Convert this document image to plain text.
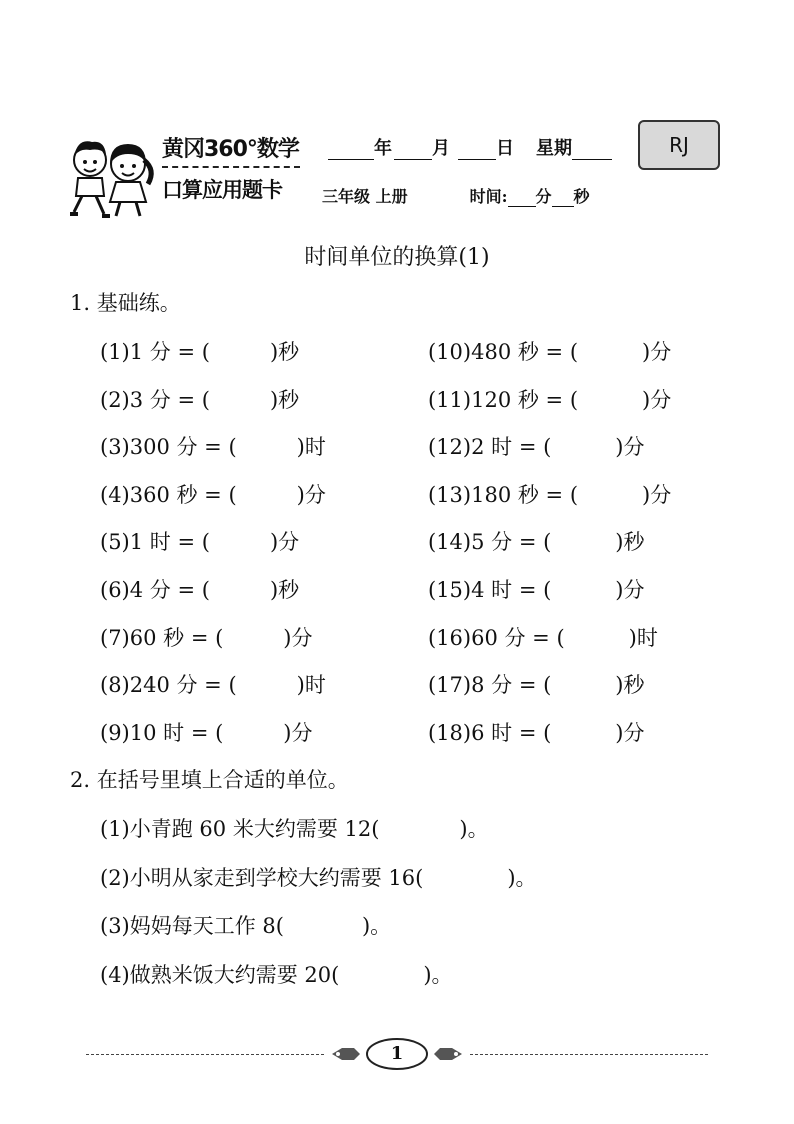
黄冈360°数学
口算应用题卡
年 月	日 星期	RJ
三年级 上册	时间: 分 秒
时间单位的换算(1)
1. 基础练。
(1)1 分 = (	)秒
(2)3 分 = (	)秒
(3)300 分 = (	)时
(4)360 秒 = (	)分
(5)1 时 = (	)分
(6)4 分 = (	)秒
(7)60 秒 = (	)分
(8)240 分 = (	)时
(9)10 时 = (	)分
(10)480 秒 = (	)分
(11)120 秒 = (	)分
(12)2 时 = (	)分
(13)180 秒 = (	)分
(14)5 分 = (	)秒
(15)4 时 = (	)分
(16)60 分 = (	)时
(17)8 分 = (	)秒
(18)6 时 = (	)分
2. 在括号里填上合适的单位。
(1)小青跑 60 米大约需要 12(	)。
(2)小明从家走到学校大约需要 16(	)。
(3)妈妈每天工作 8(	)。
(4)做熟米饭大约需要 20(	)。
1
